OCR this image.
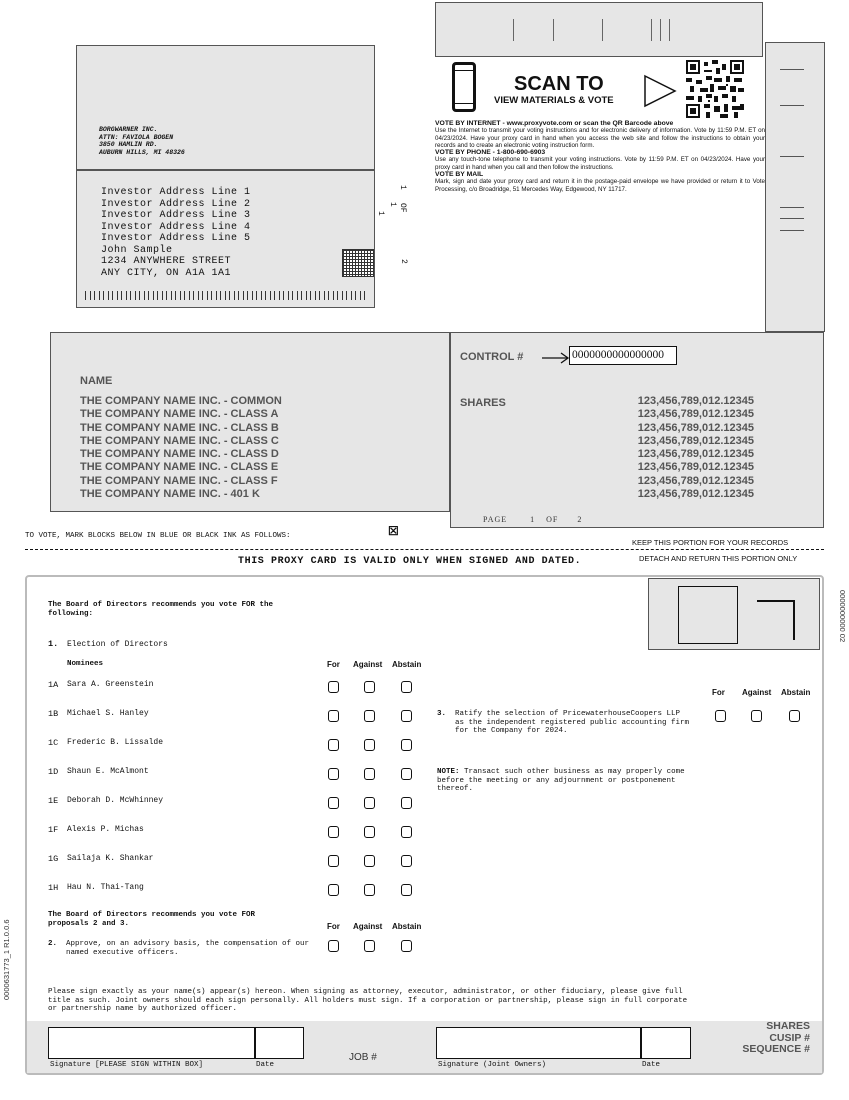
BORGWARNER INC.
ATTN: FAVIOLA BOGEN
3850 HAMLIN RD.
AUBURN HILLS, MI 48326
Investor Address Line 1
Investor Address Line 2
Investor Address Line 3
Investor Address Line 4
Investor Address Line 5
John Sample
1234 ANYWHERE STREET
ANY CITY, ON A1A 1A1
1
OF
1
1
2
SCAN TO
VIEW MATERIALS & VOTE
VOTE BY INTERNET - www.proxyvote.com or scan the QR Barcode above
Use the Internet to transmit your voting instructions and for electronic delivery of information. Vote by 11:59 P.M. ET on 04/23/2024. Have your proxy card in hand when you access the web site and follow the instructions to obtain your records and to create an electronic voting instruction form.
VOTE BY PHONE - 1-800-690-6903
Use any touch-tone telephone to transmit your voting instructions. Vote by 11:59 P.M. ET on 04/23/2024. Have your proxy card in hand when you call and then follow the instructions.
VOTE BY MAIL
Mark, sign and date your proxy card and return it in the postage-paid envelope we have provided or return it to Vote Processing, c/o Broadridge, 51 Mercedes Way, Edgewood, NY 11717.
NAME
THE COMPANY NAME INC. - COMMON
THE COMPANY NAME INC. - CLASS A
THE COMPANY NAME INC. - CLASS B
THE COMPANY NAME INC. - CLASS C
THE COMPANY NAME INC. - CLASS D
THE COMPANY NAME INC. - CLASS E
THE COMPANY NAME INC. - CLASS F
THE COMPANY NAME INC. - 401 K
CONTROL #	0000000000000000
SHARES	123,456,789,012.12345
123,456,789,012.12345
123,456,789,012.12345
123,456,789,012.12345
123,456,789,012.12345
123,456,789,012.12345
123,456,789,012.12345
123,456,789,012.12345
PAGE	1 OF 2
TO VOTE, MARK BLOCKS BELOW IN BLUE OR BLACK INK AS FOLLOWS:	☒
KEEP THIS PORTION FOR YOUR RECORDS
THIS PROXY CARD IS VALID ONLY WHEN SIGNED AND DATED.	DETACH AND RETURN THIS PORTION ONLY
The Board of Directors recommends you vote FOR the following:
1. Election of Directors
Nominees	For Against Abstain
1A Sara A. Greenstein
1B Michael S. Hanley
1C Frederic B. Lissalde
1D Shaun E. McAlmont
1E Deborah D. McWhinney
1F Alexis P. Michas
1G Sailaja K. Shankar
1H Hau N. Thai-Tang
For Against Abstain
3. Ratify the selection of PricewaterhouseCoopers LLP as the independent registered public accounting firm for the Company for 2024.
NOTE: Transact such other business as may properly come before the meeting or any adjournment or postponement thereof.
The Board of Directors recommends you vote FOR proposals 2 and 3.	For Against Abstain
2. Approve, on an advisory basis, the compensation of our named executive officers.
Please sign exactly as your name(s) appear(s) hereon. When signing as attorney, executor, administrator, or other fiduciary, please give full title as such. Joint owners should each sign personally. All holders must sign. If a corporation or partnership, please sign in full corporate or partnership name by authorized officer.
Signature [PLEASE SIGN WITHIN BOX]	Date
JOB #
Signature (Joint Owners)	Date
SHARES
CUSIP #
SEQUENCE #
0000631773_1 R1.0.0.6
0000000000 02
